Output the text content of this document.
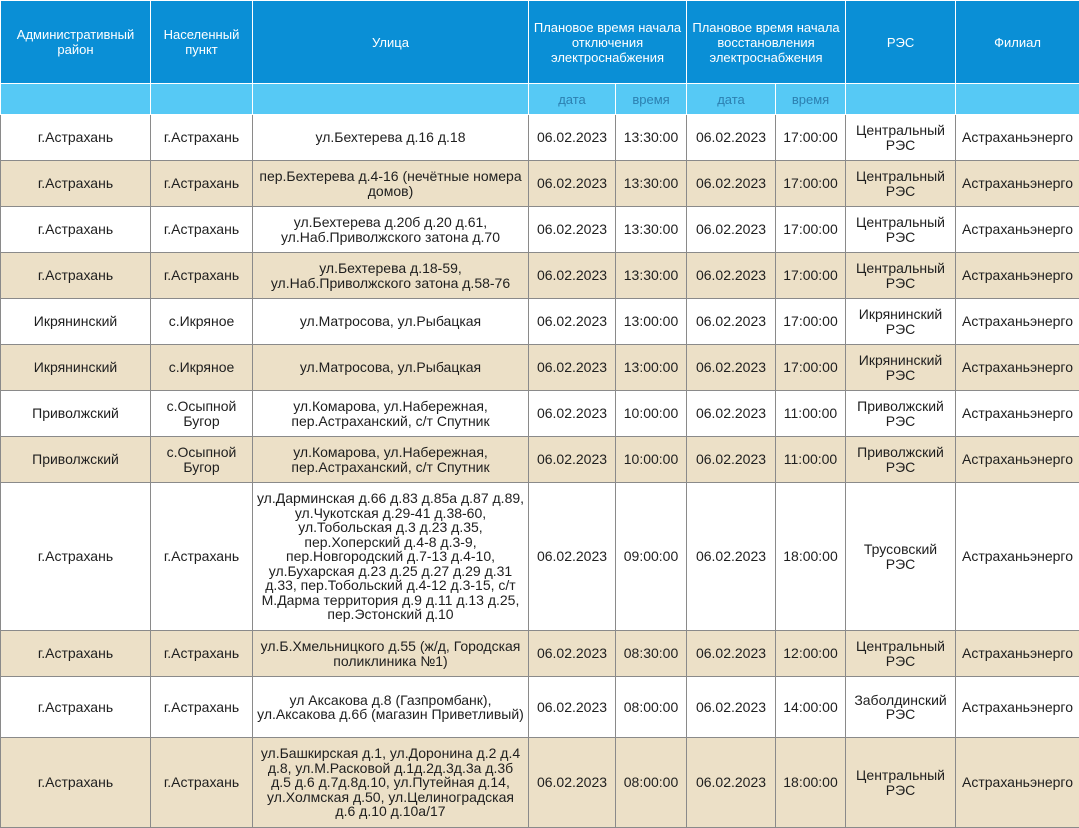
Административный район	Населенный пункт	Улица	Плановое время начала отключения электроснабжения		Плановое время начала восстановления электроснабжения		РЭС	Филиал
			дата	время	дата	время		
г.Астрахань	г.Астрахань	ул.Бехтерева д.16 д.18	06.02.2023	13:30:00	06.02.2023	17:00:00	Центральный РЭС	Астраханьэнерго
г.Астрахань	г.Астрахань	пер.Бехтерева д.4-16 (нечётные номера домов)	06.02.2023	13:30:00	06.02.2023	17:00:00	Центральный РЭС	Астраханьэнерго
г.Астрахань	г.Астрахань	ул.Бехтерева д.20б д.20 д.61, ул.Наб.Приволжского затона д.70	06.02.2023	13:30:00	06.02.2023	17:00:00	Центральный РЭС	Астраханьэнерго
г.Астрахань	г.Астрахань	ул.Бехтерева д.18-59, ул.Наб.Приволжского затона д.58-76	06.02.2023	13:30:00	06.02.2023	17:00:00	Центральный РЭС	Астраханьэнерго
Икрянинский	с.Икряное	ул.Матросова, ул.Рыбацкая	06.02.2023	13:00:00	06.02.2023	17:00:00	Икрянинский РЭС	Астраханьэнерго
Икрянинский	с.Икряное	ул.Матросова, ул.Рыбацкая	06.02.2023	13:00:00	06.02.2023	17:00:00	Икрянинский РЭС	Астраханьэнерго
Приволжский	с.Осыпной Бугор	ул.Комарова, ул.Набережная, пер.Астраханский, с/т Спутник	06.02.2023	10:00:00	06.02.2023	11:00:00	Приволжский РЭС	Астраханьэнерго
Приволжский	с.Осыпной Бугор	ул.Комарова, ул.Набережная, пер.Астраханский, с/т Спутник	06.02.2023	10:00:00	06.02.2023	11:00:00	Приволжский РЭС	Астраханьэнерго
г.Астрахань	г.Астрахань	ул.Дарминская д.66 д.83 д.85а д.87 д.89, ул.Чукотская д.29-41 д.38-60, ул.Тобольская д.3 д.23 д.35, пер.Хоперский д.4-8 д.3-9, пер.Новгородский д.7-13 д.4-10, ул.Бухарская д.23 д.25 д.27 д.29 д.31 д.33, пер.Тобольский д.4-12 д.3-15, с/т М.Дарма территория д.9 д.11 д.13 д.25, пер.Эстонский д.10	06.02.2023	09:00:00	06.02.2023	18:00:00	Трусовский РЭС	Астраханьэнерго
г.Астрахань	г.Астрахань	ул.Б.Хмельницкого д.55 (ж/д, Городская поликлиника №1)	06.02.2023	08:30:00	06.02.2023	12:00:00	Центральный РЭС	Астраханьэнерго
г.Астрахань	г.Астрахань	ул Аксакова д.8 (Газпромбанк), ул.Аксакова д.6б (магазин Приветливый)	06.02.2023	08:00:00	06.02.2023	14:00:00	Заболдинский РЭС	Астраханьэнерго
г.Астрахань	г.Астрахань	ул.Башкирская д.1, ул.Доронина д.2 д.4 д.8, ул.М.Расковой д.1д.2д.3д.3а д.3б д.5 д.6 д.7д.8д.10, ул.Путейная д.14, ул.Холмская д.50, ул.Целиноградская д.6 д.10 д.10а/17	06.02.2023	08:00:00	06.02.2023	18:00:00	Центральный РЭС	Астраханьэнерго
